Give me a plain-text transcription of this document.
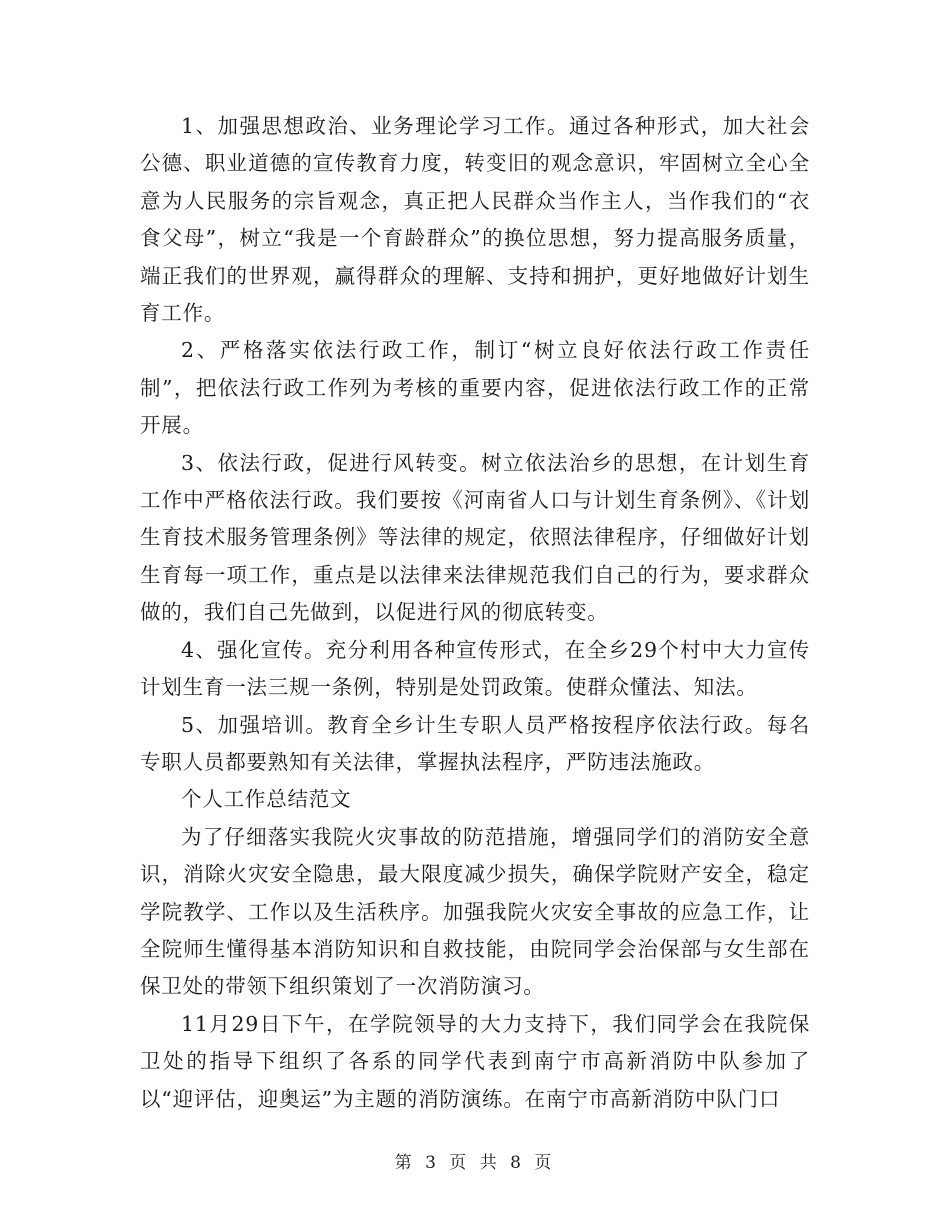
1、加强思想政治、业务理论学习工作。通过各种形式，加大社会公德、职业道德的宣传教育力度，转变旧的观念意识，牢固树立全心全意为人民服务的宗旨观念，真正把人民群众当作主人，当作我们的“衣食父母”，树立“我是一个育龄群众”的换位思想，努力提高服务质量，端正我们的世界观，赢得群众的理解、支持和拥护，更好地做好计划生育工作。

2、严格落实依法行政工作，制订“树立良好依法行政工作责任制”，把依法行政工作列为考核的重要内容，促进依法行政工作的正常开展。

3、依法行政，促进行风转变。树立依法治乡的思想，在计划生育工作中严格依法行政。我们要按《河南省人口与计划生育条例》、《计划生育技术服务管理条例》等法律的规定，依照法律程序，仔细做好计划生育每一项工作，重点是以法律来法律规范我们自己的行为，要求群众做的，我们自己先做到，以促进行风的彻底转变。

4、强化宣传。充分利用各种宣传形式，在全乡29个村中大力宣传计划生育一法三规一条例，特别是处罚政策。使群众懂法、知法。

5、加强培训。教育全乡计生专职人员严格按程序依法行政。每名专职人员都要熟知有关法律，掌握执法程序，严防违法施政。

个人工作总结范文

为了仔细落实我院火灾事故的防范措施，增强同学们的消防安全意识，消除火灾安全隐患，最大限度减少损失，确保学院财产安全，稳定学院教学、工作以及生活秩序。加强我院火灾安全事故的应急工作，让全院师生懂得基本消防知识和自救技能，由院同学会治保部与女生部在保卫处的带领下组织策划了一次消防演习。

11月29日下午，在学院领导的大力支持下，我们同学会在我院保卫处的指导下组织了各系的同学代表到南宁市高新消防中队参加了以“迎评估，迎奥运”为主题的消防演练。在南宁市高新消防中队门口

第 3 页 共 8 页
